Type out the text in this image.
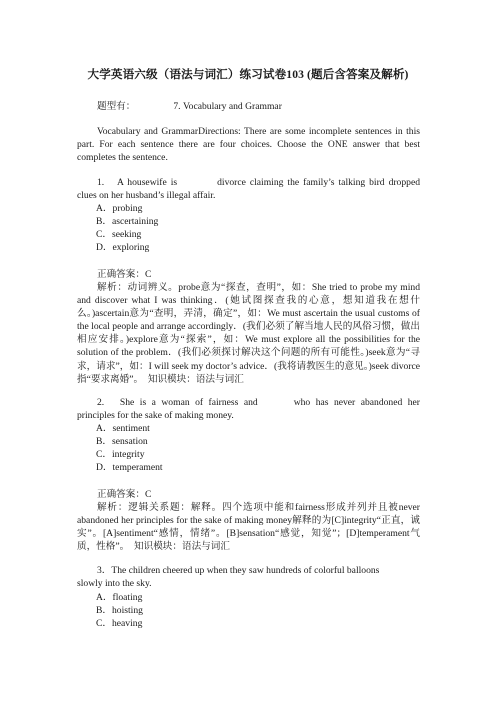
大学英语六级（语法与词汇）练习试卷103 (题后含答案及解析)
题型有：	7. Vocabulary and Grammar

Vocabulary and GrammarDirections: There are some incomplete sentences in this part. For each sentence there are four choices. Choose the ONE answer that best completes the sentence.

1.　A housewife is	divorce claiming the family’s talking bird dropped clues on her husband’s illegal affair.

A．probing
B．ascertaining
C．seeking
D．exploring

正确答案：C

解析：动词辨义。probe意为“探查，查明”，如：She tried to probe my mind and discover what I was thinking．(她试图探查我的心意，想知道我在想什么。)ascertain意为“查明，弄清，确定”，如：We must ascertain the usual customs of the local people and arrange accordingly．(我们必须了解当地人民的风俗习惯，做出相应安排。)explore意为“探索”，如：We must explore all the possibilities for the solution of the problem．(我们必须探讨解决这个问题的所有可能性。)seek意为“寻求，请求”，如：I will seek my doctor’s advice．(我将请教医生的意见。)seek divorce指“要求离婚”。　知识模块：语法与词汇

2.　She is a woman of fairness and	who has never abandoned her principles for the sake of making money.

A．sentiment
B．sensation
C．integrity
D．temperament

正确答案：C

解析：逻辑关系题：解释。四个选项中能和fairness形成并列并且被never abandoned her principles for the sake of making money解释的为[C]integrity“正直，诚实”。[A]sentiment“感情，情绪”。[B]sensation“感觉，知觉”；[D]temperament气质，性格”。　知识模块：语法与词汇

3．The children cheered up when they saw hundreds of colorful balloons

slowly into the sky.

A．floating
B．hoisting
C．heaving
